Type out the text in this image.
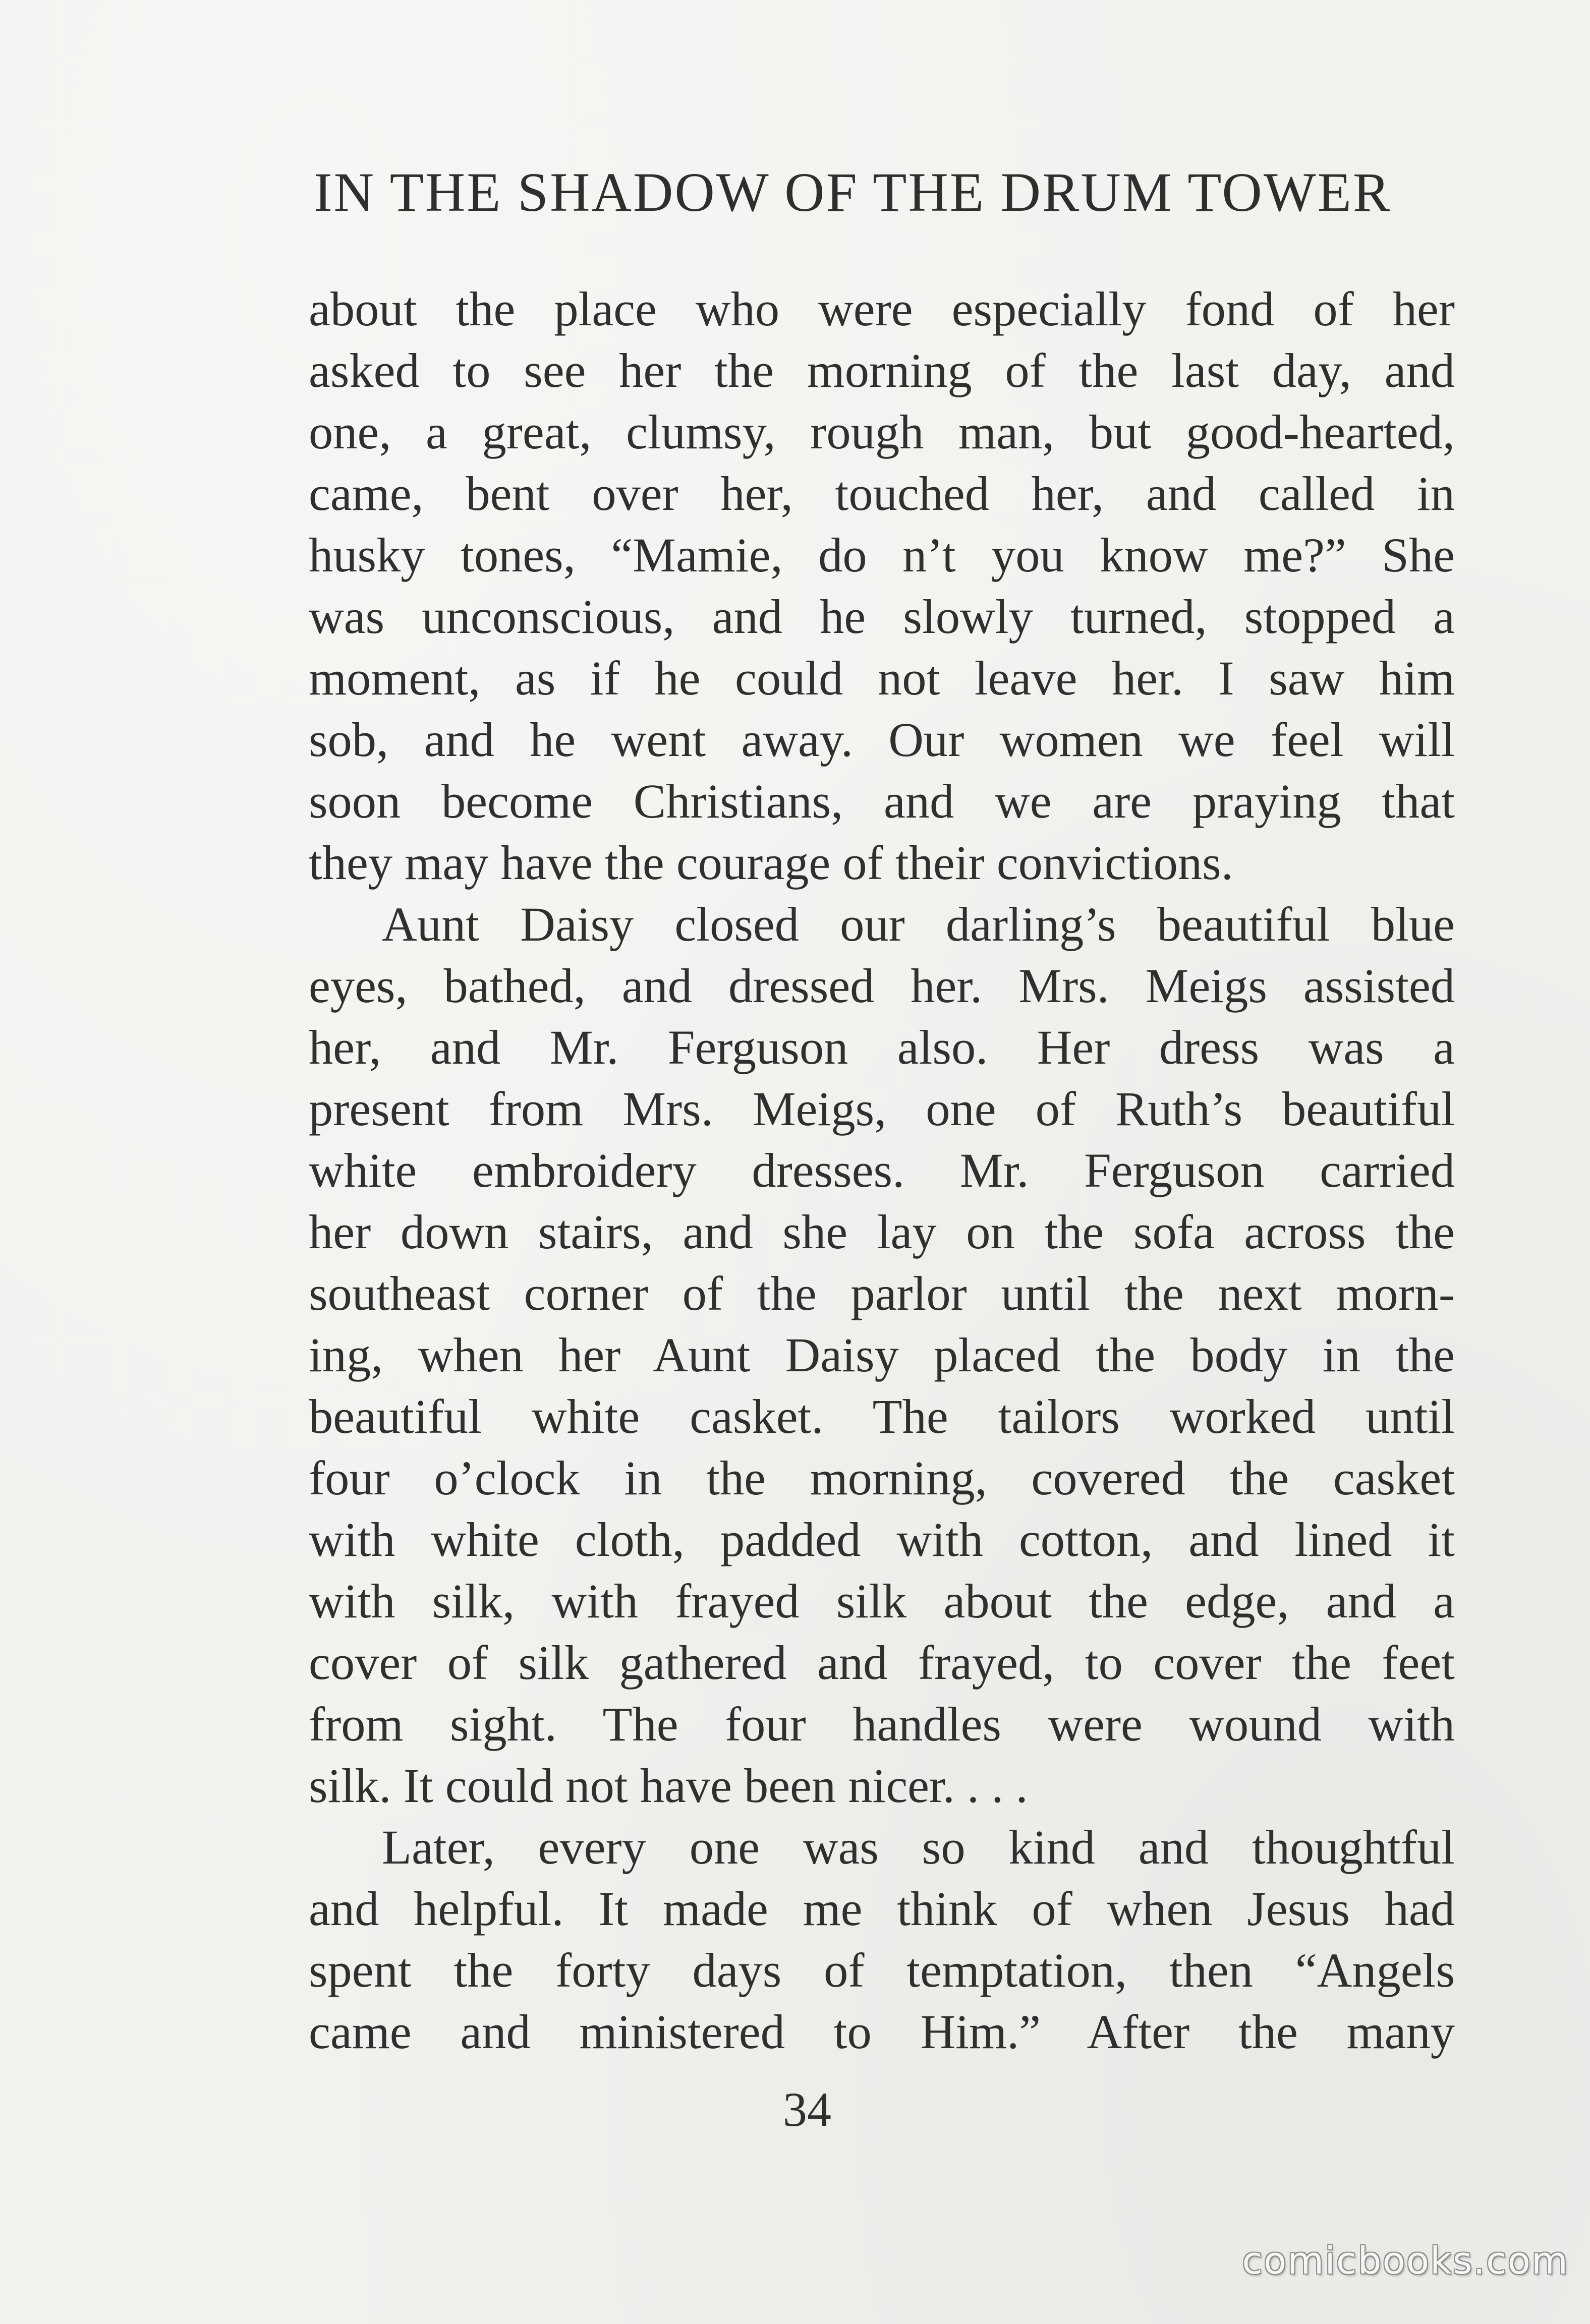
IN THE SHADOW OF THE DRUM TOWER
about the place who were especially fond of her
asked to see her the morning of the last day, and
one, a great, clumsy, rough man, but good-hearted,
came, bent over her, touched her, and called in
husky tones, “Mamie, do n’t you know me?” She
was unconscious, and he slowly turned, stopped a
moment, as if he could not leave her. I saw him
sob, and he went away. Our women we feel will
soon become Christians, and we are praying that
they may have the courage of their convictions.
Aunt Daisy closed our darling’s beautiful blue
eyes, bathed, and dressed her. Mrs. Meigs assisted
her, and Mr. Ferguson also. Her dress was a
present from Mrs. Meigs, one of Ruth’s beautiful
white embroidery dresses. Mr. Ferguson carried
her down stairs, and she lay on the sofa across the
southeast corner of the parlor until the next morn-
ing, when her Aunt Daisy placed the body in the
beautiful white casket. The tailors worked until
four o’clock in the morning, covered the casket
with white cloth, padded with cotton, and lined it
with silk, with frayed silk about the edge, and a
cover of silk gathered and frayed, to cover the feet
from sight. The four handles were wound with
silk. It could not have been nicer. . . .
Later, every one was so kind and thoughtful
and helpful. It made me think of when Jesus had
spent the forty days of temptation, then “Angels
came and ministered to Him.” After the many
34
comicbooks.com
